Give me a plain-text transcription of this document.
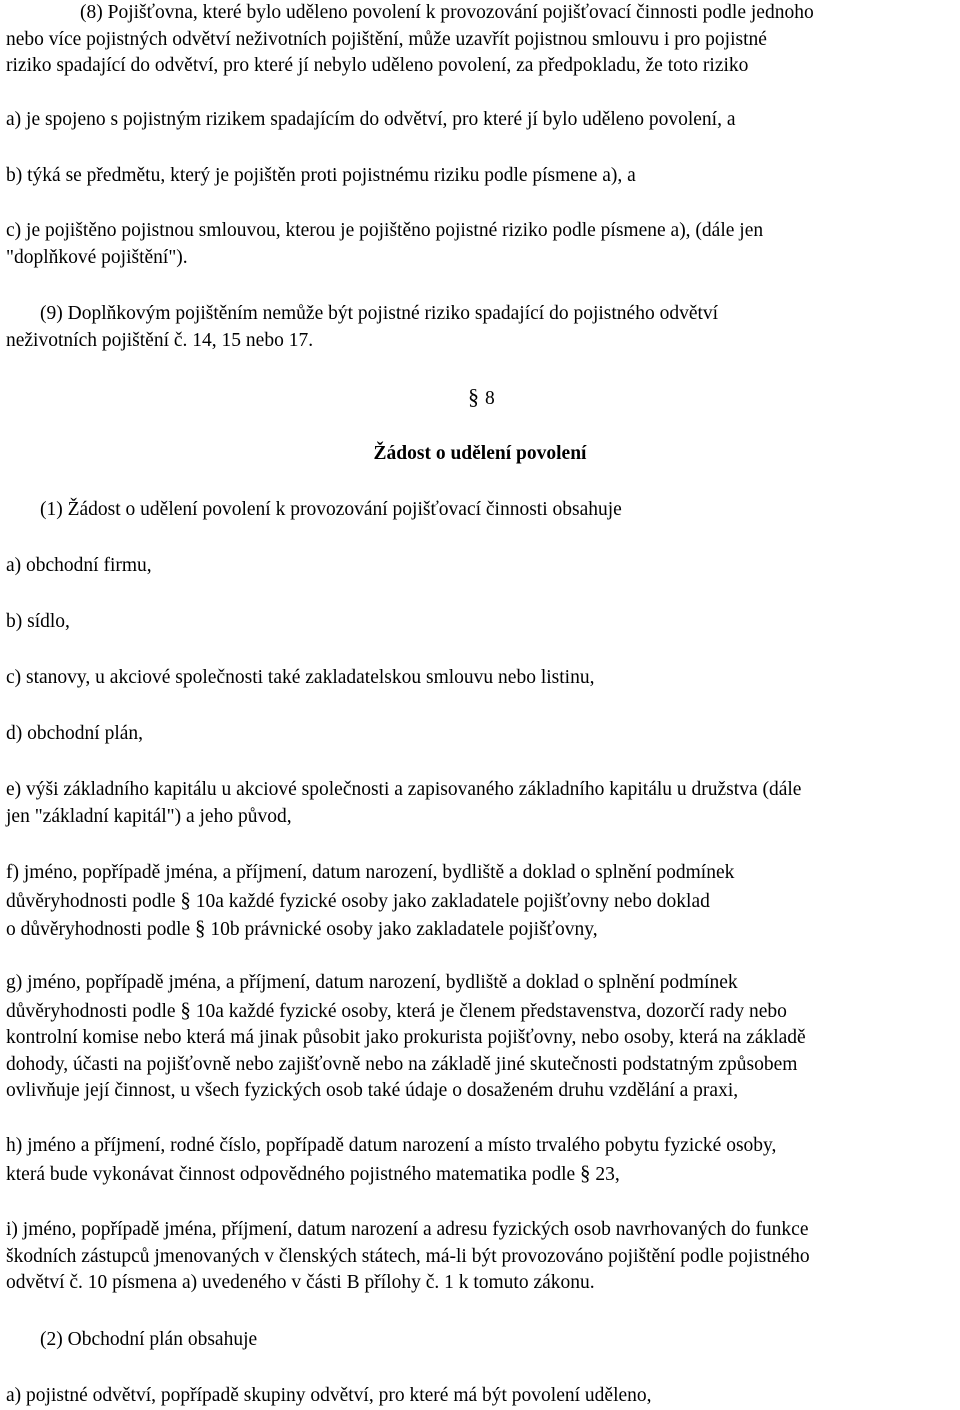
(8) Pojišťovna, které bylo uděleno povolení k provozování pojišťovací činnosti podle jednoho

nebo více pojistných odvětví neživotních pojištění, může uzavřít pojistnou smlouvu i pro pojistné

riziko spadající do odvětví, pro které jí nebylo uděleno povolení, za předpokladu, že toto riziko

a) je spojeno s pojistným rizikem spadajícím do odvětví, pro které jí bylo uděleno povolení, a

b) týká se předmětu, který je pojištěn proti pojistnému riziku podle písmene a), a

c) je pojištěno pojistnou smlouvou, kterou je pojištěno pojistné riziko podle písmene a), (dále jen

"doplňkové pojištění").

(9) Doplňkovým pojištěním nemůže být pojistné riziko spadající do pojistného odvětví

neživotních pojištění č. 14, 15 nebo 17.

§ 8

Žádost o udělení povolení

(1) Žádost o udělení povolení k provozování pojišťovací činnosti obsahuje

a) obchodní firmu,

b) sídlo,

c) stanovy, u akciové společnosti také zakladatelskou smlouvu nebo listinu,

d) obchodní plán,

e) výši základního kapitálu u akciové společnosti a zapisovaného základního kapitálu u družstva (dále

jen "základní kapitál") a jeho původ,

f) jméno, popřípadě jména, a příjmení, datum narození, bydliště a doklad o splnění podmínek

důvěryhodnosti podle § 10a každé fyzické osoby jako zakladatele pojišťovny nebo doklad

o důvěryhodnosti podle § 10b právnické osoby jako zakladatele pojišťovny,

g) jméno, popřípadě jména, a příjmení, datum narození, bydliště a doklad o splnění podmínek

důvěryhodnosti podle § 10a každé fyzické osoby, která je členem představenstva, dozorčí rady nebo

kontrolní komise nebo která má jinak působit jako prokurista pojišťovny, nebo osoby, která na základě

dohody, účasti na pojišťovně nebo zajišťovně nebo na základě jiné skutečnosti podstatným způsobem

ovlivňuje její činnost, u všech fyzických osob také údaje o dosaženém druhu vzdělání a praxi,

h) jméno a příjmení, rodné číslo, popřípadě datum narození a místo trvalého pobytu fyzické osoby,

která bude vykonávat činnost odpovědného pojistného matematika podle § 23,

i) jméno, popřípadě jména, příjmení, datum narození a adresu fyzických osob navrhovaných do funkce

škodních zástupců jmenovaných v členských státech, má-li být provozováno pojištění podle pojistného

odvětví č. 10 písmena a) uvedeného v části B přílohy č. 1 k tomuto zákonu.

(2) Obchodní plán obsahuje

a) pojistné odvětví, popřípadě skupiny odvětví, pro které má být povolení uděleno,
